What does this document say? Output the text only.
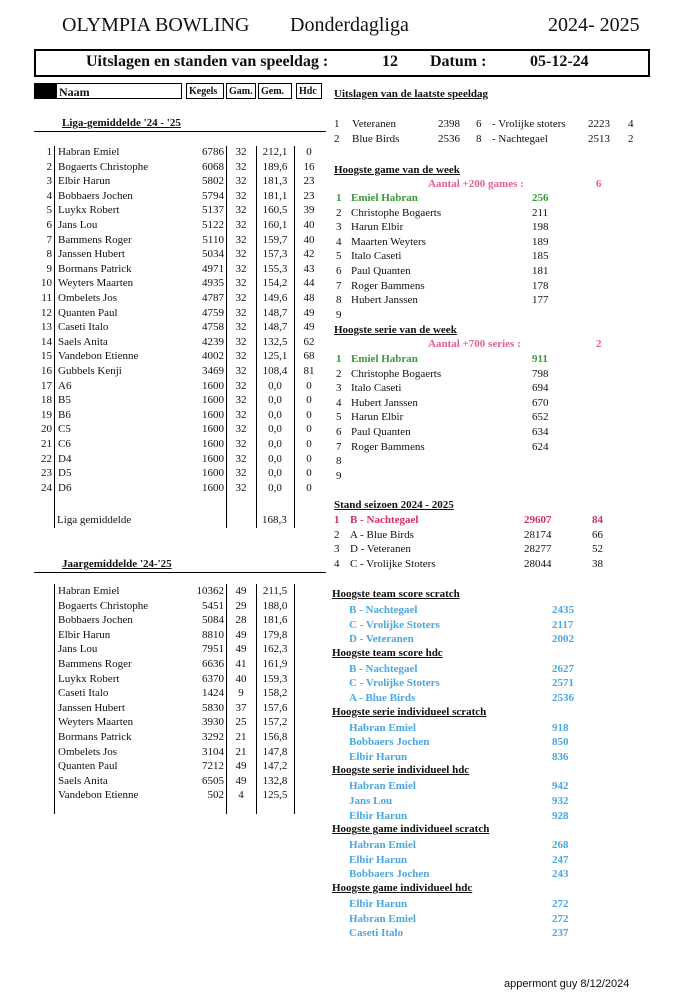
OLYMPIA BOWLING Donderdagliga	2024- 2025
Uitslagen en standen van speeldag :	12 Datum :	05-12-24
Naam	Kegels	Gam. Gem.	Hdc
Liga-gemiddelde '24 - '25
1 Habran Emiel	6786	32	212,1	0
2 Bogaerts Christophe	6068	32	189,6	16
3 Elbir Harun	5802	32	181,3	23
4 Bobbaers Jochen	5794	32	181,1	23
5 Luykx Robert	5137	32	160,5	39
6 Jans Lou	5122	32	160,1	40
7 Bammens Roger	5110	32	159,7	40
8 Janssen Hubert	5034	32	157,3	42
9 Bormans Patrick	4971	32	155,3	43
10 Weyters Maarten	4935	32	154,2	44
11 Ombelets Jos	4787	32	149,6	48
12 Quanten Paul	4759	32	148,7	49
13 Caseti Italo	4758	32	148,7	49
14 Saels Anita	4239	32	132,5	62
15 Vandebon Etienne	4002	32	125,1	68
16 Gubbels Kenji	3469	32	108,4	81
17 A6	1600	32	0,0	0
18 B5	1600	32	0,0	0
19 B6	1600	32	0,0	0
20 C5	1600	32	0,0	0
21 C6	1600	32	0,0	0
22 D4	1600	32	0,0	0
23 D5	1600	32	0,0	0
24 D6	1600	32	0,0	0
Liga gemiddelde	168,3
Jaargemiddelde '24-'25
Habran Emiel	10362	49	211,5
Bogaerts Christophe	5451	29	188,0
Bobbaers Jochen	5084	28	181,6
Elbir Harun	8810	49	179,8
Jans Lou	7951	49	162,3
Bammens Roger	6636	41	161,9
Luykx Robert	6370	40	159,3
Caseti Italo	1424	9	158,2
Janssen Hubert	5830	37	157,6
Weyters Maarten	3930	25	157,2
Bormans Patrick	3292	21	156,8
Ombelets Jos	3104	21	147,8
Quanten Paul	7212	49	147,2
Saels Anita	6505	49	132,8
Vandebon Etienne	502	4	125,5
Uitslagen van de laatste speeldag
1 Veteranen	2398 6 - Vrolijke stoters 2223 4
2 Blue Birds	2536 8 - Nachtegael	2513 2
Hoogste game van de week
Aantal +200 games :	6
1 Emiel Habran	256
2 Christophe Bogaerts	211
3 Harun Elbir	198
4 Maarten Weyters	189
5 Italo Caseti	185
6 Paul Quanten	181
7 Roger Bammens	178
8 Hubert Janssen	177
9
Hoogste serie van de week
Aantal +700 series :	2
1 Emiel Habran	911
2 Christophe Bogaerts	798
3 Italo Caseti	694
4 Hubert Janssen	670
5 Harun Elbir	652
6 Paul Quanten	634
7 Roger Bammens	624
8
9
Stand seizoen 2024 - 2025
1 B - Nachtegael	29607	84
2 A - Blue Birds	28174	66
3 D - Veteranen	28277	52
4 C - Vrolijke Stoters	28044	38
Hoogste team score scratch
B - Nachtegael	2435
C - Vrolijke Stoters	2117
D - Veteranen	2002
Hoogste team score hdc
B - Nachtegael	2627
C - Vrolijke Stoters	2571
A - Blue Birds	2536
Hoogste serie individueel scratch
Habran Emiel	918
Bobbaers Jochen	850
Elbir Harun	836
Hoogste serie individueel hdc
Habran Emiel	942
Jans Lou	932
Elbir Harun	928
Hoogste game individueel scratch
Habran Emiel	268
Elbir Harun	247
Bobbaers Jochen	243
Hoogste game individueel hdc
Elbir Harun	272
Habran Emiel	272
Caseti Italo	237
appermont guy 8/12/2024
